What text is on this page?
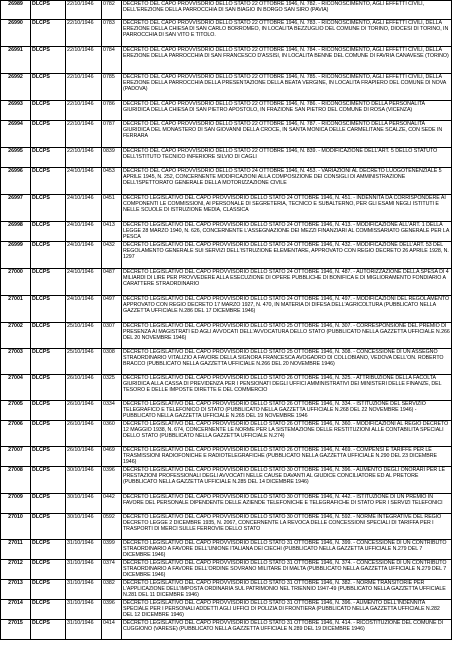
26989	DLCPS	22/10/1946	0782	DECRETO DEL CAPO PROVVISORIO DELLO STATO 22 OTTOBRE 1946, N. 782. - RICONOSCIMENTO, AGLI EFFETTI CIVILI, DELL'EREZIONE DELLA PARROCCHIA DI SAN BIAGIO IN BORGO SAN SIRO (PAVIA)
26990	DLCPS	22/10/1946	0783	DECRETO DEL CAPO PROVVISORIO DELLO STATO 22 OTTOBRE 1946, N. 783. - RICONOSCIMENTO, AGLI EFFETTI CIVILI, DELLA EREZIONE DELLA CHIESA DI SAN CARLO BORROMEO, IN LOCALITA BEZZUGLIO DEL COMUNE DI TORINO, DIOCESI DI TORINO, IN PARROCCHIA DI SAN VITO E TITOLO.
26991	DLCPS	22/10/1946	0784	DECRETO DEL CAPO PROVVISORIO DELLO STATO 22 OTTOBRE 1946, N. 784. - RICONOSCIMENTO, AGLI EFFETTI CIVILI, DELLA EREZIONE DELLA PARROCCHIA DI SAN FRANCESCO D'ASSISI, IN LOCALITA BENNE DEL COMUNE DI FAVRIA CANAVESE (TORINO)
26992	DLCPS	22/10/1946	0785	DECRETO DEL CAPO PROVVISORIO DELLO STATO 22 OTTOBRE 1946, N. 785. - RICONOSCIMENTO, AGLI EFFETTI CIVILI, DELLA EREZIONE DELLA PARROCCHIA DELLA PRESENTAZIONE DELLA BEATA VERGINE, IN LOCALITA FRAPIERO DEL COMUNE DI NOVA (PADOVA)
26993	DLCPS	22/10/1946	0786	DECRETO DEL CAPO PROVVISORIO DELLO STATO 22 OTTOBRE 1946, N. 786. - RICONOSCIMENTO DELLA PERSONALITA GIURIDICA DELLA CHIESA DI SAN PIETRO APOSTOLO, IN FRAZIONE SAN PIETRO DEL COMUNE DI ROSA (VICENZA)
26994	DLCPS	22/10/1946	0787	DECRETO DEL CAPO PROVVISORIO DELLO STATO 22 OTTOBRE 1946, N. 787. - RICONOSCIMENTO DELLA PERSONALITA GIURIDICA DEL MONASTERO DI SAN GIOVANNI DELLA CROCE, IN SANTA MONICA DELLE CARMELITANE SCALZE, CON SEDE IN FERRARA
26995	DLCPS	22/10/1946	0839	DECRETO DEL CAPO PROVVISORIO DELLO STATO 22 OTTOBRE 1946, N. 839. - MODIFICAZIONE DELL'ART. 5 DELLO STATUTO DELL'ISTITUTO TECNICO INFERIORE SILVIO DI CAGLI
26996	DLCPS	24/10/1946	0453	DECRETO DEL CAPO PROVVISORIO DELLO STATO 24 OTTOBRE 1946, N. 453. - VARIAZIONI AL DECRETO LUOGOTENENZIALE 5 APRILE 1945, N. 252, CONCERNENTE MODIFICAZIONI ALLA COMPOSIZIONE DEI CONSIGLI DI AMMINISTRAZIONE DELL'ISPETTORATO GENERALE DELLA MOTORIZZAZIONE CIVILE
26997	DLCPS	24/10/1946	0451	DECRETO LEGISLATIVO DEL CAPO PROVVISORIO DELLO STATO 24 OTTOBRE 1946, N. 451. - INDENNITA DA CORRISPONDERE AI COMPONENTI LE COMMISSIONI, AI PERSONALE DI SEGRETERIA, TECNICO E SUBALTERNO, PER GLI ESAMI NEGLI ISTITUTI E NELLE SCUOLE DI ISTRUZIONE MEDIA, CLASSICA
26998	DLCPS	24/10/1946	0413	DECRETO LEGISLATIVO DEL CAPO PROVVISORIO DELLO STATO 24 OTTOBRE 1946, N. 413. - MODIFICAZIONE ALL'ART. 1 DELLA LEGGE 28 MARZO 1940, N. 626, CONCERNENTE L'ASSEGNAZIONE DEI MEZZI FINANZIARI AL COMMISSARIATO GENERALE PER LA PESCA
26999	DLCPS	24/10/1946	0432	DECRETO LEGISLATIVO DEL CAPO PROVVISORIO DELLO STATO 24 OTTOBRE 1946, N. 432. - MODIFICAZIONE DELL'ART. 53 DEL REGOLAMENTO GENERALE SUI SERVIZI DELL'ISTRUZIONE ELEMENTARE, APPROVATO CON REGIO DECRETO 26 APRILE 1928, N. 1297
27000	DLCPS	24/10/1946	0487	DECRETO LEGISLATIVO DEL CAPO PROVVISORIO DELLO STATO 24 OTTOBRE 1946, N. 487. - AUTORIZZAZIONE DELLA SPESA DI 4 MILIARDI DI LIRE PER PROVVEDERE ALLA ESECUZIONE DI OPERE PUBBLICHE DI BONIFICA E DI MIGLIORAMENTO FONDIARIO A CARATTERE STRAORDINARIO
27001	DLCPS	24/10/1946	0497	DECRETO LEGISLATIVO DEL CAPO PROVVISORIO DELLO STATO 24 OTTOBRE 1946, N. 497. - MODIFICAZIONI DEL REGOLAMENTO APPROVATO CON REGIO DECRETO 17 MARZO 1927, N. 470, IN MATERIA DI DIFESA DELL'AGRICOLTURA (PUBBLICATO NELLA GAZZETTA UFFICIALE N.286 DEL 17 DICEMBRE 1946)
27002	DLCPS	25/10/1946	0307	DECRETO LEGISLATIVO DEL CAPO PROVVISORIO DELLO STATO 25 OTTOBRE 1946, N. 307. - CORRESPONSIONE DEL PREMIO DI PRESENZA AI MAGISTRATI ED AGLI AVVOCATI DELL'AVVOCATURA DELLO STATO (PUBBLICATO NELLA GAZZETTA UFFICIALE N.266 DEL 20 NOVEMBRE 1946)
27003	DLCPS	25/10/1946	0308	DECRETO LEGISLATIVO DEL CAPO PROVVISORIO DELLO STATO 25 OTTOBRE 1946, N. 308. - CONCESSIONE DI UN ASSEGNO STRAORDINARIO VITALIZIO A FAVORE DELLA SIGNORA FRANCESCA AVOGADRO DI COLLOBIANO, VEDOVA DELL'ON. ROBERTO BRACCO (PUBBLICATO NELLA GAZZETTA UFFICIALE N.266 DEL 20 NOVEMBRE 1946)
27004	DLCPS	26/10/1946	0325	DECRETO LEGISLATIVO DEL CAPO PROVVISORIO DELLO STATO 26 OTTOBRE 1946, N. 325. - ATTRIBUZIONE DELLA FACOLTA GIURIDICA ALLA CASSA DI PREVIDENZA PER I PENSIONATI DEGLI UFFICI AMMINISTRATIVI DEI MINISTERI DELLE FINANZE, DEL TESORO E DELLE IMPOSTE DIRETTE E DEL COMMERCIO
27005	DLCPS	26/10/1946	0334	DECRETO LEGISLATIVO DEL CAPO PROVVISORIO DELLO STATO 26 OTTOBRE 1946, N. 334. - ISTITUZIONE DEL SERVIZIO TELEGRAFICO E TELEFONICO DI STATO (PUBBLICATO NELLA GAZZETTA UFFICIALE N.268 DEL 22 NOVEMBRE 1946) - PUBBLICATO NELLA GAZZETTA UFFICIALE N.265 DEL 19 NOVEMBRE 1946
27006	DLCPS	26/10/1946	0360	DECRETO LEGISLATIVO DEL CAPO PROVVISORIO DELLO STATO 26 OTTOBRE 1946, N. 360. - MODIFICAZIONI AL REGIO DECRETO 12 MAGGIO 1938, N. 674, CONCERNENTE LE NORME PER LA SISTEMAZIONE DELLE RESTITUZIONI ALLE CONTABILITA SPECIALI DELLO STATO (PUBBLICATO NELLA GAZZETTA UFFICIALE N.274)
27007	DLCPS	26/10/1946	0469	DECRETO LEGISLATIVO DEL CAPO PROVVISORIO DELLO STATO 26 OTTOBRE 1946, N. 469. - COMPENSI E TARIFFE PER LE TRASMISSIONI RADIOFONICHE E RADIOTELEGRAFICHE (PUBBLICATO NELLA GAZZETTA UFFICIALE N.290 DEL 23 DICEMBRE 1946)
27008	DLCPS	30/10/1946	0396	DECRETO LEGISLATIVO DEL CAPO PROVVISORIO DELLO STATO 30 OTTOBRE 1946, N. 396. - AUMENTO DEGLI ONORARI PER LE PRESTAZIONI PROFESSIONALI DEGLI AVVOCATI NELLE CAUSE DAVANTI AL GIUDICE CONCILIATORE ED AL PRETORE (PUBBLICATO NELLA GAZZETTA UFFICIALE N.285 DEL 14 DICEMBRE 1946)
27009	DLCPS	30/10/1946	0442	DECRETO LEGISLATIVO DEL CAPO PROVVISORIO DELLO STATO 30 OTTOBRE 1946, N. 442. - ISTITUZIONE DI UN PREMIO IN FAVORE DEL PERSONALE DIPENDENTE DELLE AZIENDE TELEFONICHE E TELEGRAFICHE DI STATO PER I SERVIZI TELEFONICI
27010	DLCPS	30/10/1946	0592	DECRETO LEGISLATIVO DEL CAPO PROVVISORIO DELLO STATO 30 OTTOBRE 1946, N. 592. - NORME INTEGRATIVE DEL REGIO DECRETO LEGGE 2 DICEMBRE 1935, N. 2067, CONCERNENTE LA REVOCA DELLE CONCESSIONI SPECIALI DI TARIFFA PER I TRASPORTI DI MERCI SULLE FERROVIE DELLO STATO
27011	DLCPS	31/10/1946	0399	DECRETO LEGISLATIVO DEL CAPO PROVVISORIO DELLO STATO 31 OTTOBRE 1946, N. 399. - CONCESSIONE DI UN CONTRIBUTO STRAORDINARIO A FAVORE DELL'UNIONE ITALIANA DEI CIECHI (PUBBLICATO NELLA GAZZETTA UFFICIALE N.279 DEL 7 DICEMBRE 1946)
27012	DLCPS	31/10/1946	0374	DECRETO LEGISLATIVO DEL CAPO PROVVISORIO DELLO STATO 31 OTTOBRE 1946, N. 374. - CONCESSIONE DI UN CONTRIBUTO STRAORDINARIO A FAVORE DELL'ORDINE SOVRANO MILITARE DI MALTA (PUBBLICATO NELLA GAZZETTA UFFICIALE N.279 DEL 7 DICEMBRE 1946)
27013	DLCPS	31/10/1946	0382	DECRETO LEGISLATIVO DEL CAPO PROVVISORIO DELLO STATO 31 OTTOBRE 1946, N. 382. - NORME TRANSITORIE PER L'APPLICAZIONE DELL'IMPOSTA ORDINARIA SUL PATRIMONIO NEL TRIENNIO 1947-49 (PUBBLICATO NELLA GAZZETTA UFFICIALE N.281 DEL 11 DICEMBRE 1946)
27014	DLCPS	31/10/1946	0396	DECRETO LEGISLATIVO DEL CAPO PROVVISORIO DELLO STATO 31 OTTOBRE 1946, N. 396. - AUMENTO DELL'INDENNITA SPECIALE PER I PERSONALI ADDETTI AGLI UFFICI DI POLIZIA DI FRONTIERA (PUBBLICATO NELLA GAZZETTA UFFICIALE N.282 DEL 12 DICEMBRE 1946)
27015	DLCPS	31/10/1946	0414	DECRETO LEGISLATIVO DEL CAPO PROVVISORIO DELLO STATO 31 OTTOBRE 1946, N. 414. - RICOSTITUZIONE DEL COMUNE DI CUGGIONO (VARESE) (PUBBLICATO NELLA GAZZETTA UFFICIALE N.289 DEL 19 DICEMBRE 1946)
